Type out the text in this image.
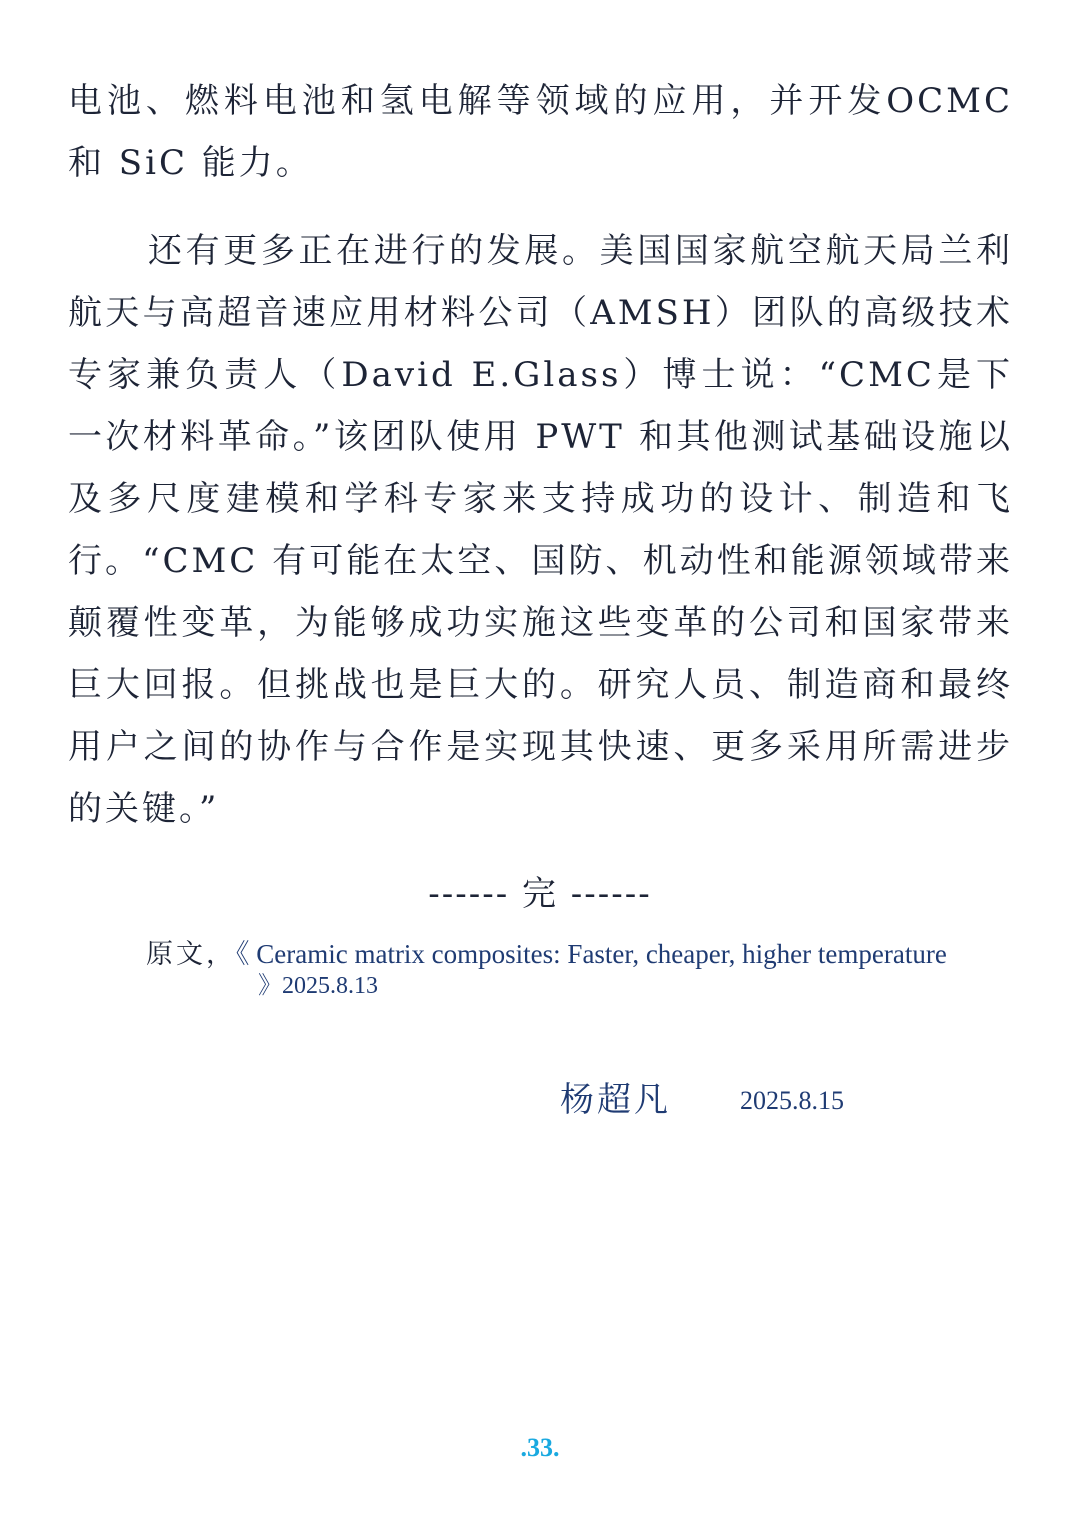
电池、燃料电池和氢电解等领域的应用，并开发OCMC 和 SiC 能力。

还有更多正在进行的发展。美国国家航空航天局兰利航天与高超音速应用材料公司（AMSH）团队的高级技术专家兼负责人（David E.Glass）博士说：“CMC是下一次材料革命。”该团队使用 PWT 和其他测试基础设施以及多尺度建模和学科专家来支持成功的设计、制造和飞行。“CMC 有可能在太空、国防、机动性和能源领域带来颠覆性变革，为能够成功实施这些变革的公司和国家带来巨大回报。但挑战也是巨大的。研究人员、制造商和最终用户之间的协作与合作是实现其快速、更多采用所需进步的关键。”

------ 完 ------
原文，《 Ceramic matrix composites: Faster, cheaper, higher temperature
》2025.8.13
杨超凡	2025.8.15
.33.
